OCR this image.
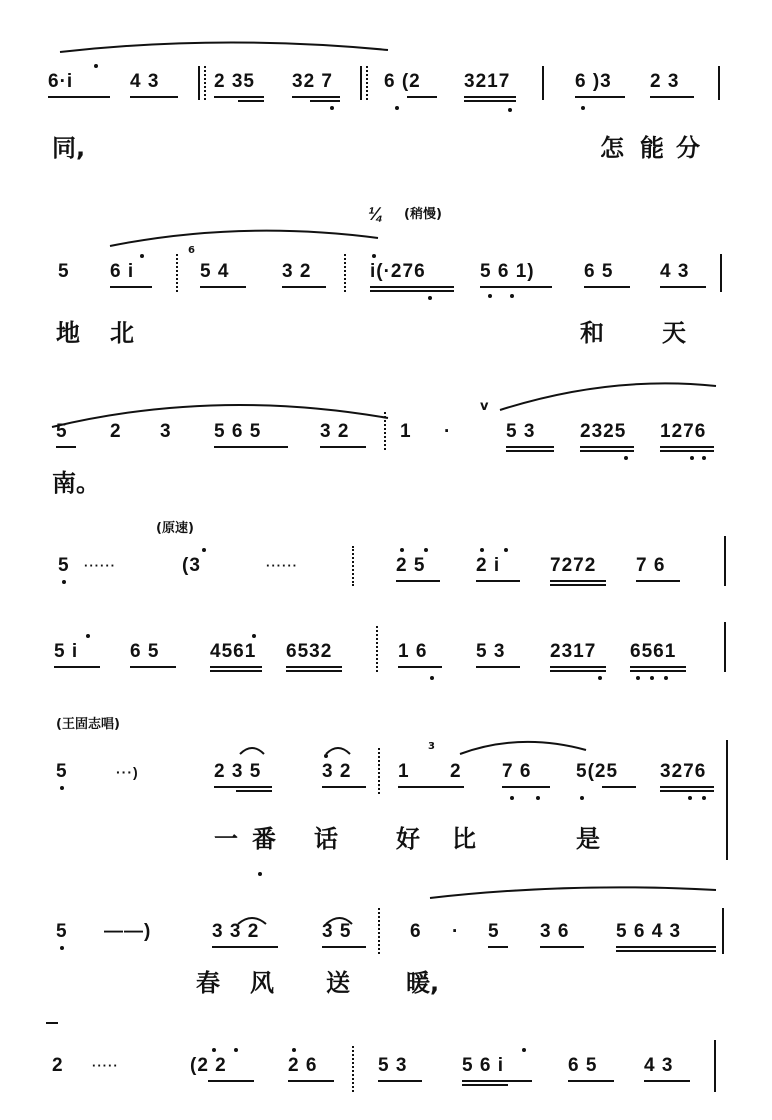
6·i	4 3	2 35 32 7	6 (2 3217	6 )3 2 3
同,	怎 能 分
¼ (稍慢)
6
5 6 i	5 4	3 2	i(·276	5 6 1)	6 5 4 3
地 北	和 天
v
5 2 3 5 6 5	3 2	1 ·	5 3 2325 1276
南。
(原速)
5 ······	(3	······	2 5	2 i	7272 7 6
5 i	6 5	4561 6532	1 6	5 3 2317 6561
(王固志唱)
3
5	···)	2 3 5	3 2 1 2 7 6 5(25 3276
一 番 话 好 比	是
5 ——)	3 3 2	3 5	6 · 5 3 6 5 6 4 3
春 风 送 暖,
2 ·····	(2 2	2 6	5 3	5 6 i	6 5 4 3
